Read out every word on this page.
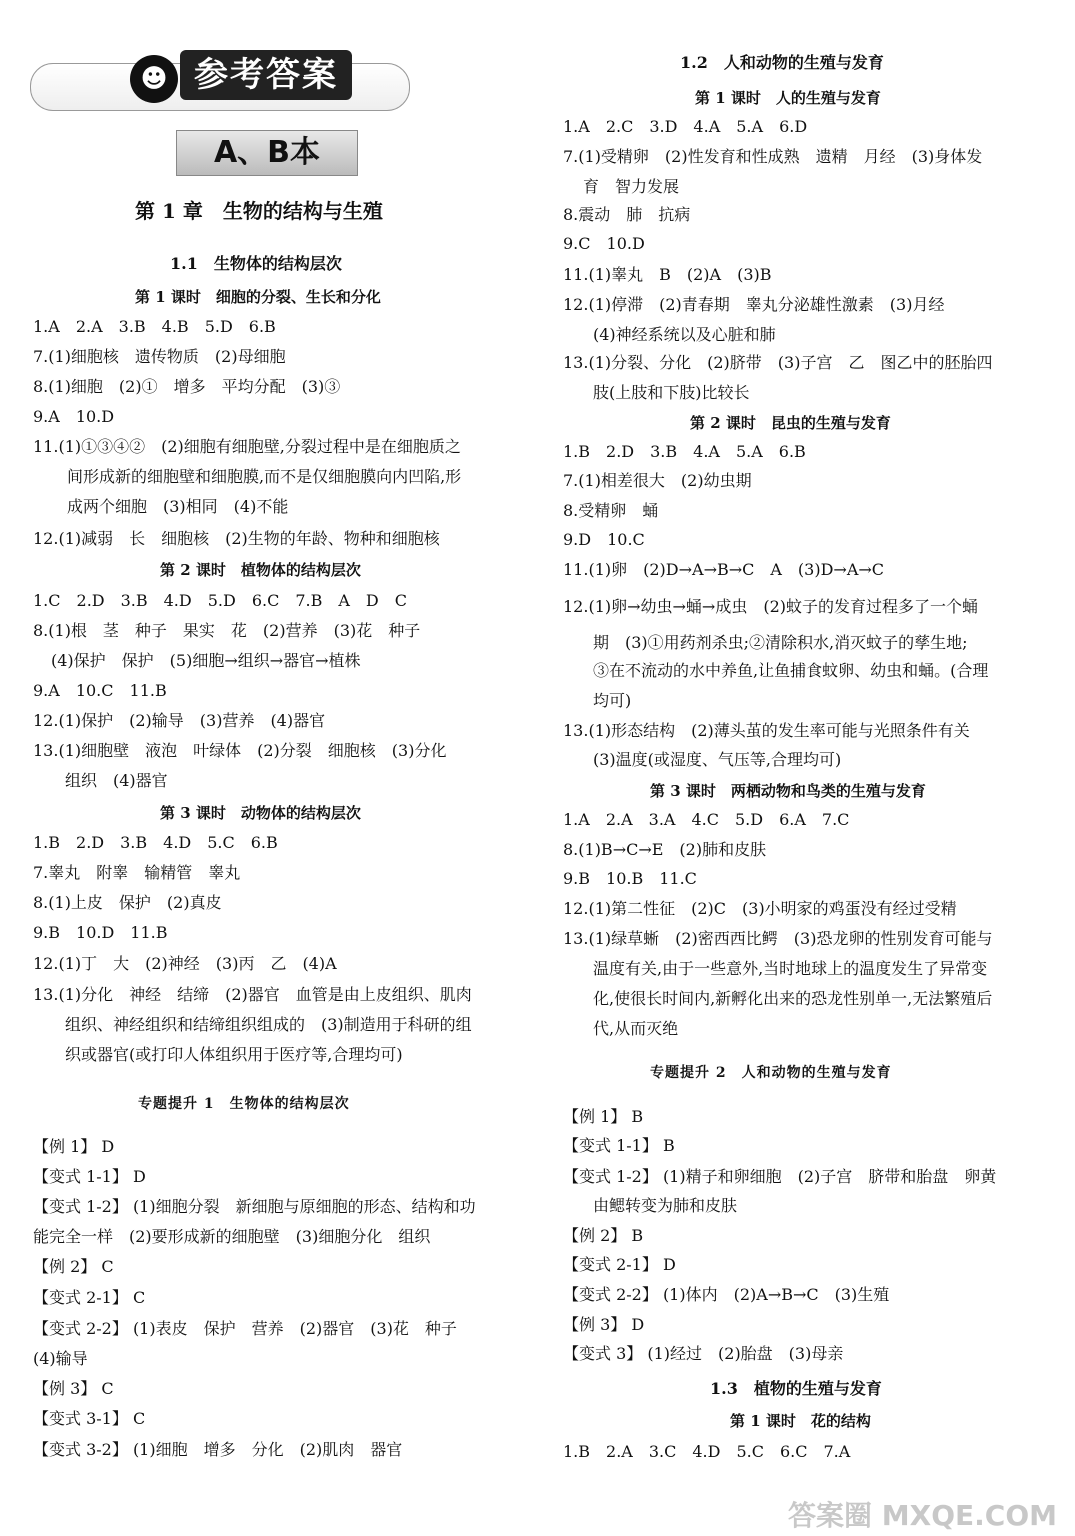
☻ 参考答案
A、B本
第 1 章　生物的结构与生殖
1.1　生物体的结构层次
第 1 课时　细胞的分裂、生长和分化
1.A　2.A　3.B　4.B　5.D　6.B
7.(1)细胞核　遗传物质　(2)母细胞
8.(1)细胞　(2)①　增多　平均分配　(3)③
9.A　10.D
11.(1)①③④②　(2)细胞有细胞壁,分裂过程中是在细胞质之
间形成新的细胞壁和细胞膜,而不是仅细胞膜向内凹陷,形
成两个细胞　(3)相同　(4)不能
12.(1)减弱　长　细胞核　(2)生物的年龄、物种和细胞核
第 2 课时　植物体的结构层次
1.C　2.D　3.B　4.D　5.D　6.C　7.B　A　D　C
8.(1)根　茎　种子　果实　花　(2)营养　(3)花　种子
(4)保护　保护　(5)细胞→组织→器官→植株
9.A　10.C　11.B
12.(1)保护　(2)输导　(3)营养　(4)器官
13.(1)细胞壁　液泡　叶绿体　(2)分裂　细胞核　(3)分化
组织　(4)器官
第 3 课时　动物体的结构层次
1.B　2.D　3.B　4.D　5.C　6.B
7.睾丸　附睾　输精管　睾丸
8.(1)上皮　保护　(2)真皮
9.B　10.D　11.B
12.(1)丁　大　(2)神经　(3)丙　乙　(4)A
13.(1)分化　神经　结缔　(2)器官　血管是由上皮组织、肌肉
组织、神经组织和结缔组织组成的　(3)制造用于科研的组
织或器官(或打印人体组织用于医疗等,合理均可)
专题提升 1　生物体的结构层次
【例 1】 D
【变式 1-1】 D
【变式 1-2】 (1)细胞分裂　新细胞与原细胞的形态、结构和功
能完全一样　(2)要形成新的细胞壁　(3)细胞分化　组织
【例 2】 C
【变式 2-1】 C
【变式 2-2】 (1)表皮　保护　营养　(2)器官　(3)花　种子
(4)输导
【例 3】 C
【变式 3-1】 C
【变式 3-2】 (1)细胞　增多　分化　(2)肌肉　器官
1.2　人和动物的生殖与发育
第 1 课时　人的生殖与发育
1.A　2.C　3.D　4.A　5.A　6.D
7.(1)受精卵　(2)性发育和性成熟　遗精　月经　(3)身体发
育　智力发展
8.震动　肺　抗病
9.C　10.D
11.(1)睾丸　B　(2)A　(3)B
12.(1)停滞　(2)青春期　睾丸分泌雄性激素　(3)月经
(4)神经系统以及心脏和肺
13.(1)分裂、分化　(2)脐带　(3)子宫　乙　图乙中的胚胎四
肢(上肢和下肢)比较长
第 2 课时　昆虫的生殖与发育
1.B　2.D　3.B　4.A　5.A　6.B
7.(1)相差很大　(2)幼虫期
8.受精卵　蛹
9.D　10.C
11.(1)卵　(2)D→A→B→C　A　(3)D→A→C
12.(1)卵→幼虫→蛹→成虫　(2)蚊子的发育过程多了一个蛹
期　(3)①用药剂杀虫;②清除积水,消灭蚊子的孳生地;
③在不流动的水中养鱼,让鱼捕食蚊卵、幼虫和蛹。(合理
均可)
13.(1)形态结构　(2)薄头茧的发生率可能与光照条件有关
(3)温度(或湿度、气压等,合理均可)
第 3 课时　两栖动物和鸟类的生殖与发育
1.A　2.A　3.A　4.C　5.D　6.A　7.C
8.(1)B→C→E　(2)肺和皮肤
9.B　10.B　11.C
12.(1)第二性征　(2)C　(3)小明家的鸡蛋没有经过受精
13.(1)绿草蜥　(2)密西西比鳄　(3)恐龙卵的性别发育可能与
温度有关,由于一些意外,当时地球上的温度发生了异常变
化,使很长时间内,新孵化出来的恐龙性别单一,无法繁殖后
代,从而灭绝
专题提升 2　人和动物的生殖与发育
【例 1】 B
【变式 1-1】 B
【变式 1-2】 (1)精子和卵细胞　(2)子宫　脐带和胎盘　卵黄
由鳃转变为肺和皮肤
【例 2】 B
【变式 2-1】 D
【变式 2-2】 (1)体内　(2)A→B→C　(3)生殖
【例 3】 D
【变式 3】 (1)经过　(2)胎盘　(3)母亲
1.3　植物的生殖与发育
第 1 课时　花的结构
1.B　2.A　3.C　4.D　5.C　6.C　7.A
答案圈 MXQE.COM
